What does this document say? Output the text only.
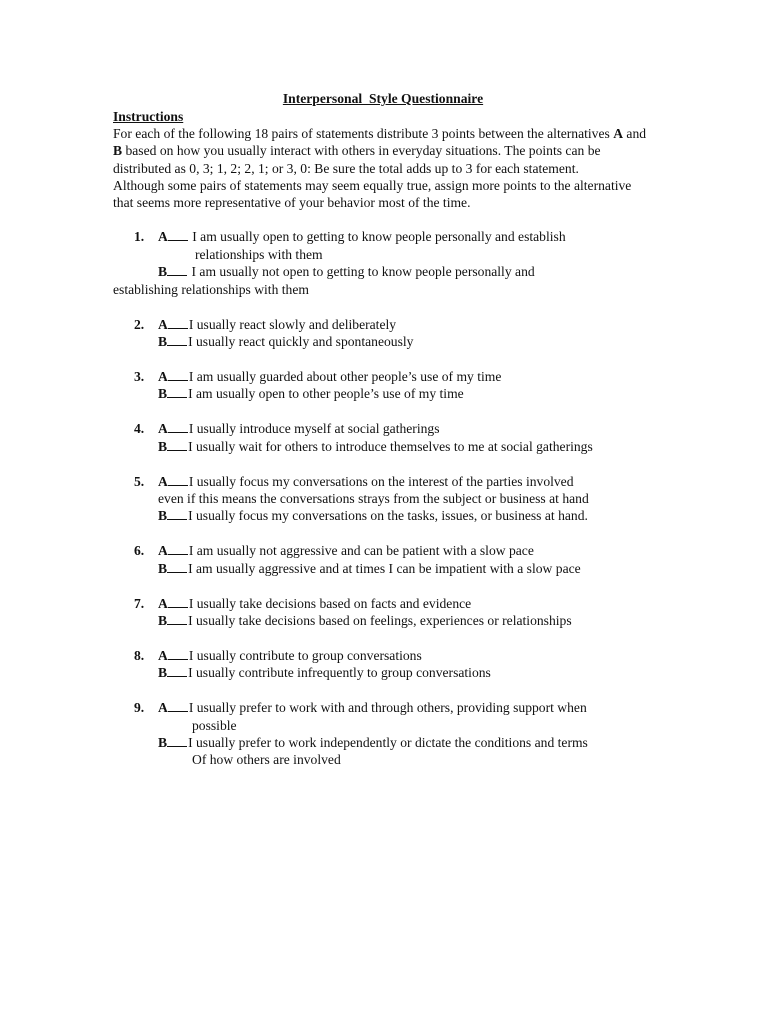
Interpersonal  Style Questionnaire

Instructions

For each of the following 18 pairs of statements distribute 3 points between the alternatives A and B based on how you usually interact with others in everyday situations. The points can be distributed as 0, 3; 1, 2; 2, 1; or 3, 0: Be sure the total adds up to 3 for each statement.

Although some pairs of statements may seem equally true, assign more points to the alternative that seems more representative of your behavior most of the time.

1.	A I am usually open to getting to know people personally and establish
relationships with them
B I am usually not open to getting to know people personally and
establishing relationships with them
2.	A I usually react slowly and deliberately
B I usually react quickly and spontaneously
3.	A I am usually guarded about other people’s use of my time
B I am usually open to other people’s use of my time
4.	A I usually introduce myself at social gatherings
B I usually wait for others to introduce themselves to me at social gatherings
5.	A I usually focus my conversations on the interest of the parties involved
even if this means the conversations strays from the subject or business at hand
B I usually focus my conversations on the tasks, issues, or business at hand.
6.	A I am usually not aggressive and can be patient with a slow pace
B I am usually aggressive and at times I can be impatient with a slow pace
7.	A I usually take decisions based on facts and evidence
B I usually take decisions based on feelings, experiences or relationships
8.	A I usually contribute to group conversations
B I usually contribute infrequently to group conversations
9.	A I usually prefer to work with and through others, providing support when
possible
B I usually prefer to work independently or dictate the conditions and terms
Of how others are involved
